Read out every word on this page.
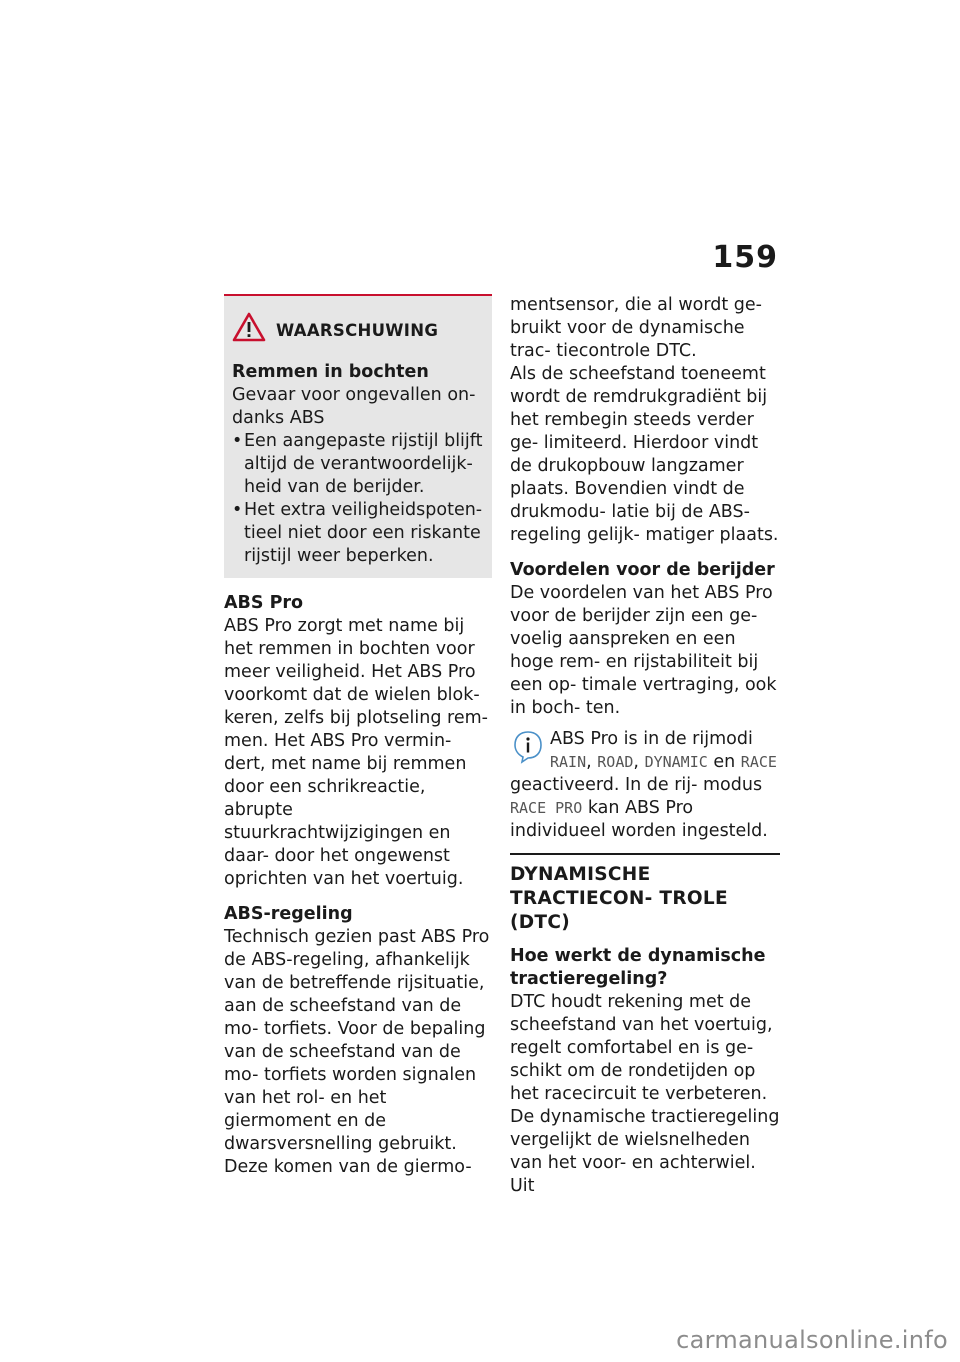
159
WAARSCHUWING

Remmen in bochten

Gevaar voor ongevallen on- danks ABS

• Een aangepaste rijstijl blijft altijd de verantwoordelijk- heid van de berijder.
• Het extra veiligheidspoten- tieel niet door een riskante rijstijl weer beperken.

ABS Pro

ABS Pro zorgt met name bij het remmen in bochten voor meer veiligheid. Het ABS Pro voorkomt dat de wielen blok- keren, zelfs bij plotseling rem- men. Het ABS Pro vermin- dert, met name bij remmen door een schrikreactie, abrupte stuurkrachtwijzigingen en daar- door het ongewenst oprichten van het voertuig.

ABS-regeling

Technisch gezien past ABS Pro de ABS-regeling, afhankelijk van de betreffende rijsituatie, aan de scheefstand van de mo- torfiets. Voor de bepaling van de scheefstand van de mo- torfiets worden signalen van het rol- en het giermoment en de dwarsversnelling gebruikt. Deze komen van de giermo-

mentsensor, die al wordt ge- bruikt voor de dynamische trac- tiecontrole DTC.

Als de scheefstand toeneemt wordt de remdrukgradiënt bij het rembegin steeds verder ge- limiteerd. Hierdoor vindt de drukopbouw langzamer plaats. Bovendien vindt de drukmodu- latie bij de ABS-regeling gelijk- matiger plaats.

Voordelen voor de berijder

De voordelen van het ABS Pro voor de berijder zijn een ge- voelig aanspreken en een hoge rem- en rijstabiliteit bij een op- timale vertraging, ook in boch- ten.

ABS Pro is in de rijmodi RAIN, ROAD, DYNAMIC en RACE geactiveerd. In de rij- modus RACE PRO kan ABS Pro individueel worden ingesteld.

DYNAMISCHE TRACTIECON- TROLE (DTC)

Hoe werkt de dynamische tractieregeling?

DTC houdt rekening met de scheefstand van het voertuig, regelt comfortabel en is ge- schikt om de rondetijden op het racecircuit te verbeteren.

De dynamische tractieregeling vergelijkt de wielsnelheden van het voor- en achterwiel. Uit

carmanualsonline.info
